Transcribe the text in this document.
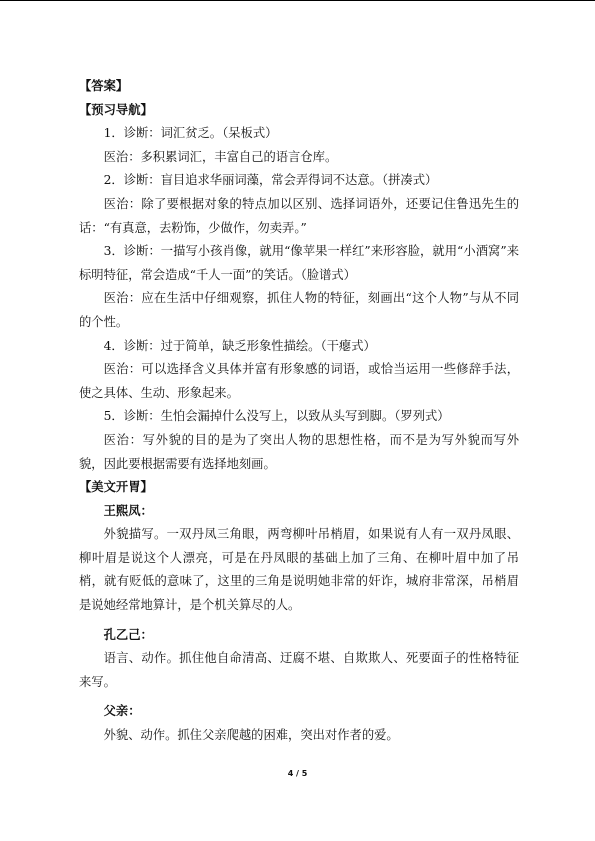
【答案】

【预习导航】

1．诊断：词汇贫乏。（呆板式）

医治：多积累词汇，丰富自己的语言仓库。

2．诊断：盲目追求华丽词藻，常会弄得词不达意。（拼凑式）

医治：除了要根据对象的特点加以区别、选择词语外，还要记住鲁迅先生的话：“有真意，去粉饰，少做作，勿卖弄。”

3．诊断：一描写小孩肖像，就用“像苹果一样红”来形容脸，就用“小酒窝”来标明特征，常会造成“千人一面”的笑话。（脸谱式）

医治：应在生活中仔细观察，抓住人物的特征，刻画出“这个人物”与从不同的个性。

4．诊断：过于简单，缺乏形象性描绘。（干瘪式）

医治：可以选择含义具体并富有形象感的词语，或恰当运用一些修辞手法，使之具体、生动、形象起来。

5．诊断：生怕会漏掉什么没写上，以致从头写到脚。（罗列式）

医治：写外貌的目的是为了突出人物的思想性格，而不是为写外貌而写外貌，因此要根据需要有选择地刻画。

【美文开胃】

王熙凤：

外貌描写。一双丹凤三角眼，两弯柳叶吊梢眉，如果说有人有一双丹凤眼、柳叶眉是说这个人漂亮，可是在丹凤眼的基础上加了三角、在柳叶眉中加了吊梢，就有贬低的意味了，这里的三角是说明她非常的奸诈，城府非常深，吊梢眉是说她经常地算计，是个机关算尽的人。

孔乙己：

语言、动作。抓住他自命清高、迂腐不堪、自欺欺人、死要面子的性格特征来写。

父亲：

外貌、动作。抓住父亲爬越的困难，突出对作者的爱。

4 / 5
